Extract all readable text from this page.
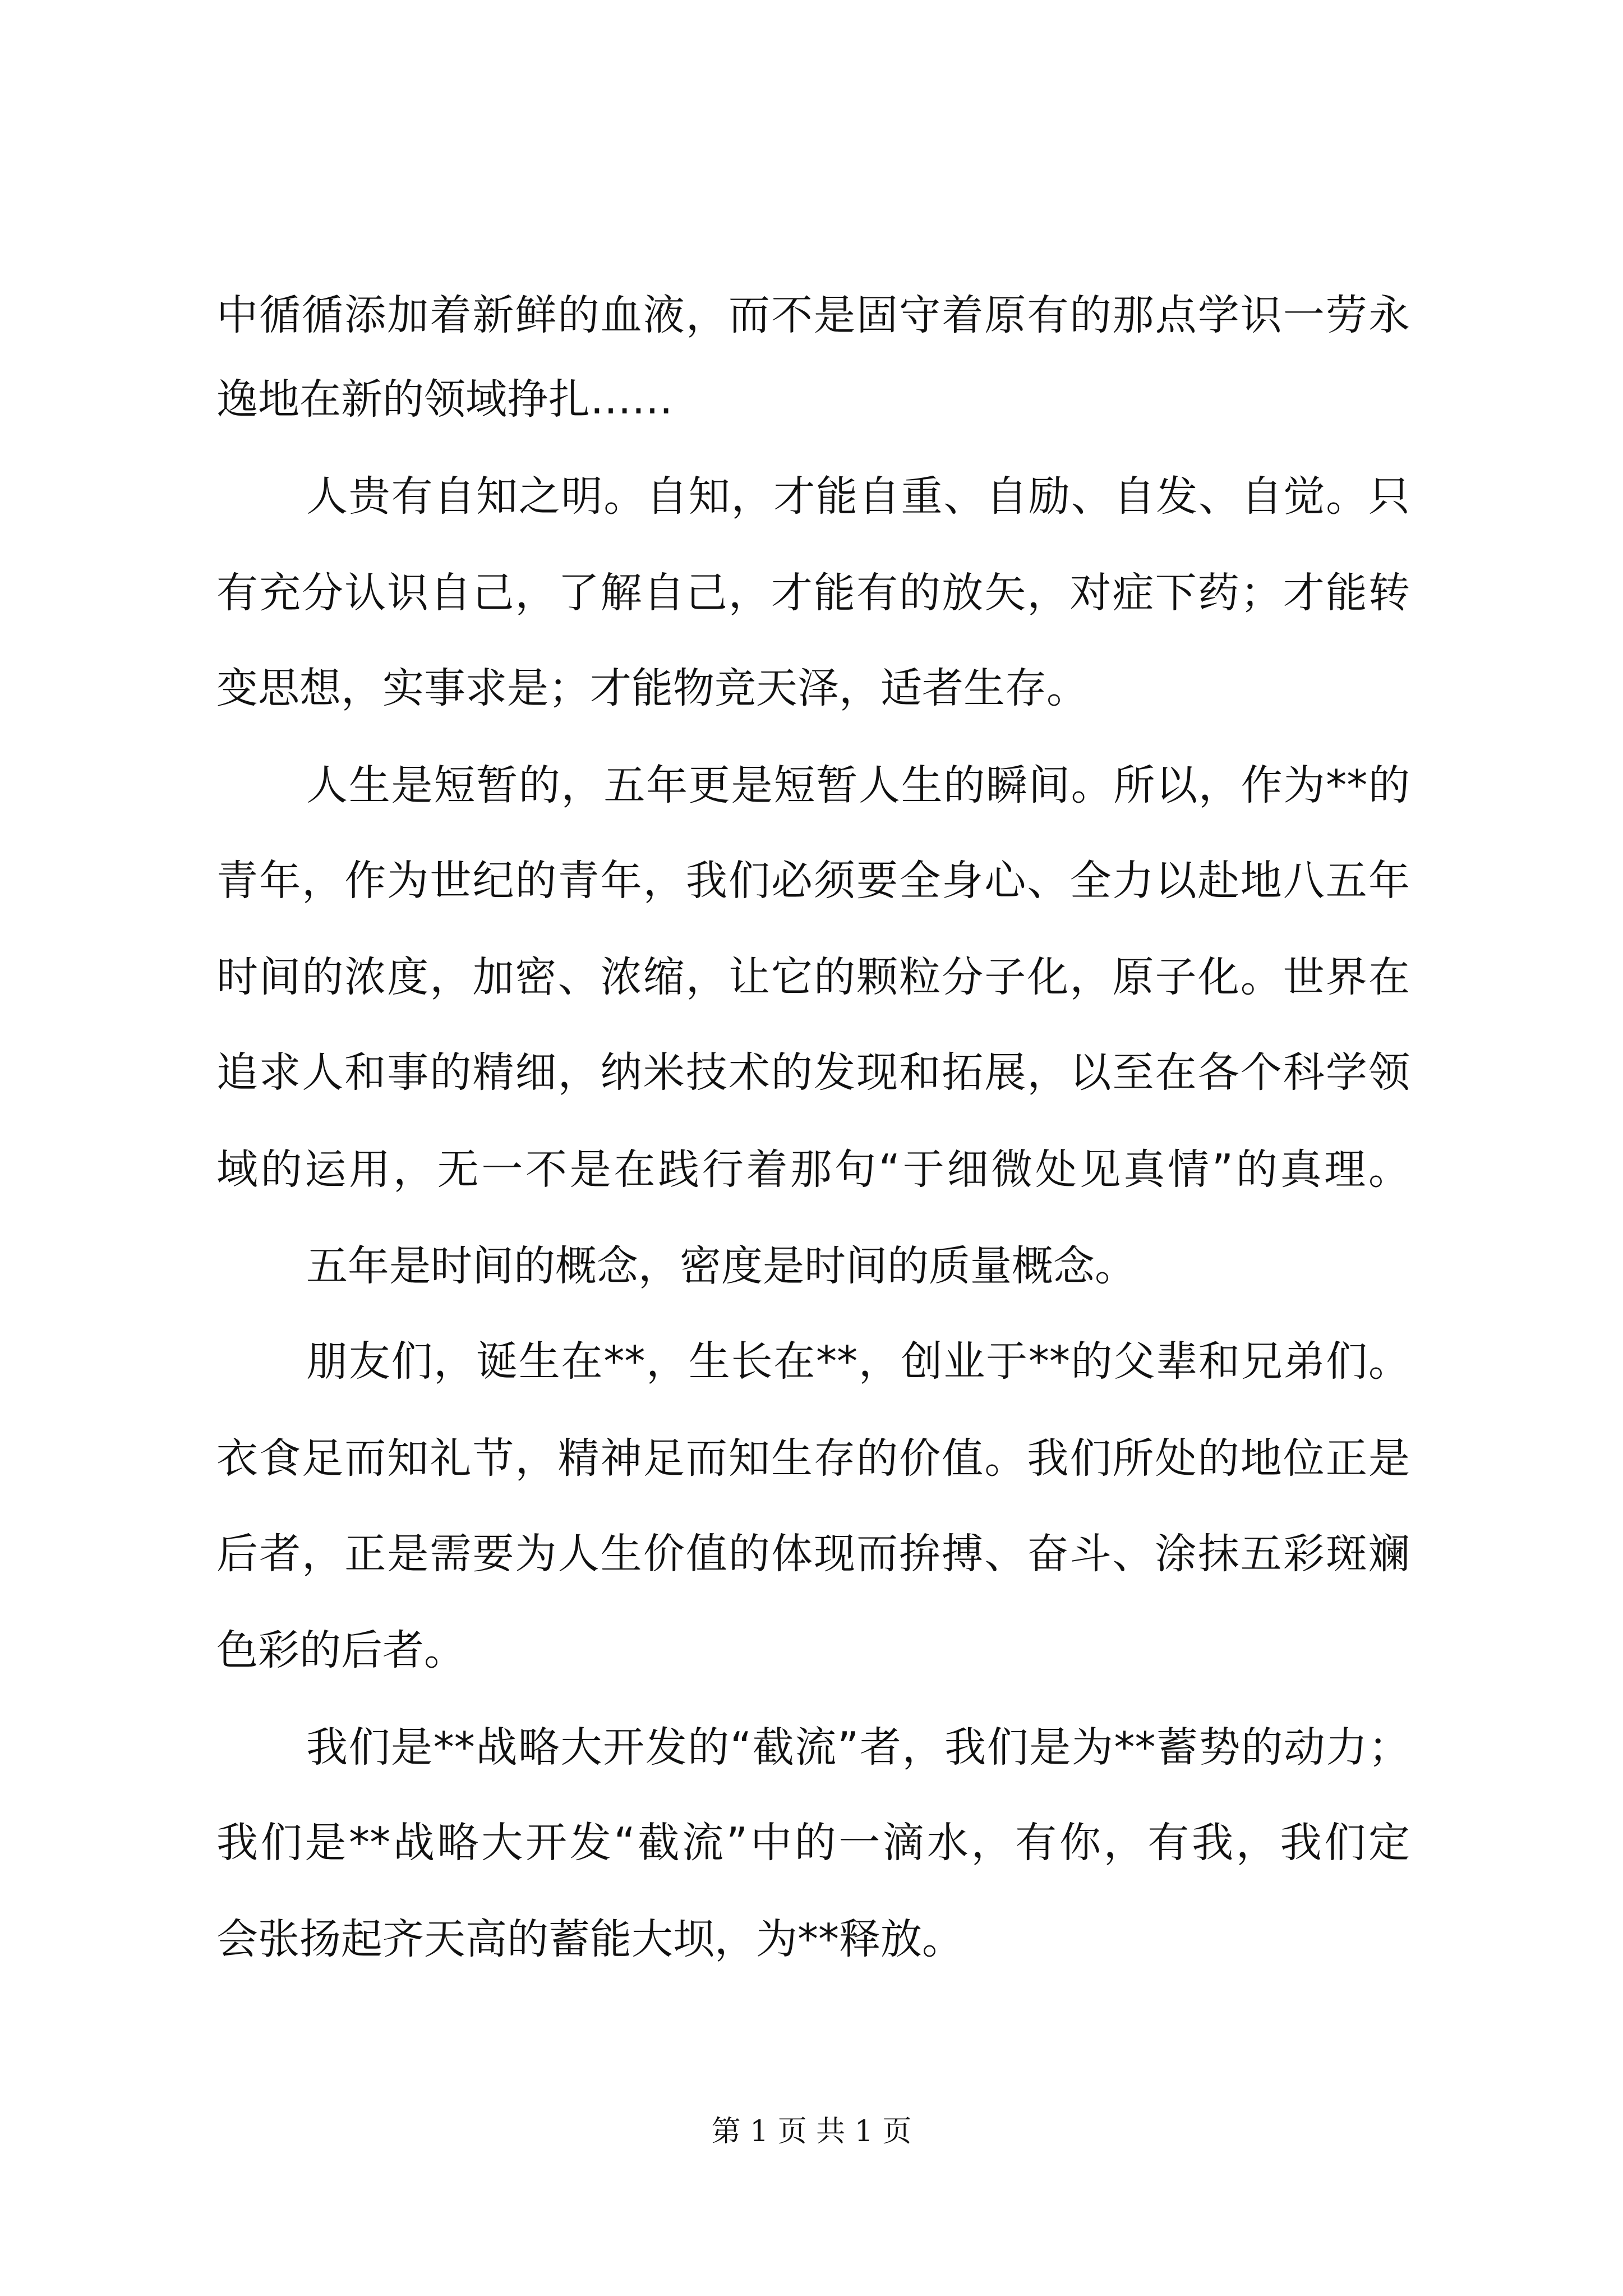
中循循添加着新鲜的血液，而不是固守着原有的那点学识一劳永
逸地在新的领域挣扎……
人贵有自知之明。自知，才能自重、自励、自发、自觉。只
有充分认识自己，了解自己，才能有的放矢，对症下药；才能转
变思想，实事求是；才能物竞天泽，适者生存。
人生是短暂的，五年更是短暂人生的瞬间。所以，作为**的
青年，作为世纪的青年，我们必须要全身心、全力以赴地八五年
时间的浓度，加密、浓缩，让它的颗粒分子化，原子化。世界在
追求人和事的精细，纳米技术的发现和拓展，以至在各个科学领
域的运用，无一不是在践行着那句“于细微处见真情”的真理。
五年是时间的概念，密度是时间的质量概念。
朋友们，诞生在**，生长在**，创业于**的父辈和兄弟们。
衣食足而知礼节，精神足而知生存的价值。我们所处的地位正是
后者，正是需要为人生价值的体现而拚搏、奋斗、涂抹五彩斑斓
色彩的后者。
我们是**战略大开发的“截流”者，我们是为**蓄势的动力；
我们是**战略大开发“截流”中的一滴水，有你，有我，我们定
会张扬起齐天高的蓄能大坝，为**释放。
第 1 页 共 1 页
